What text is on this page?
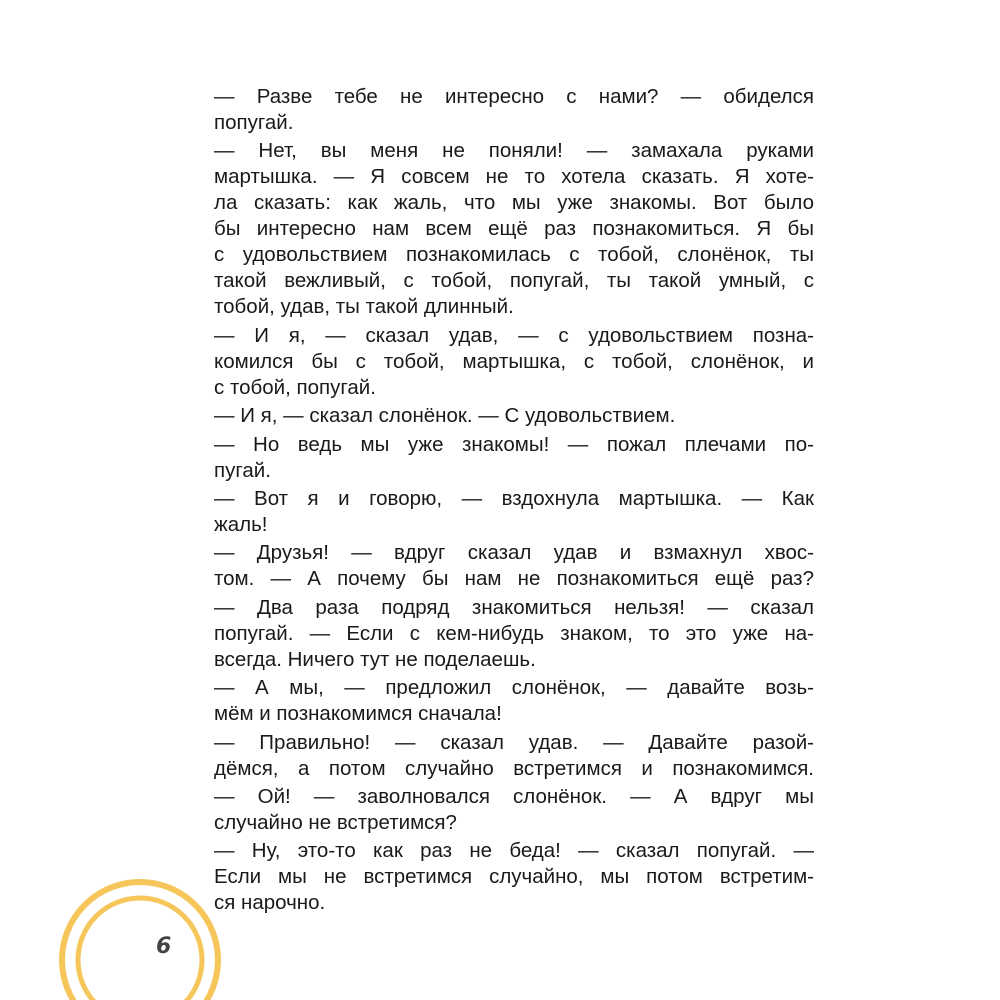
— Разве тебе не интересно с нами? — обиделся
попугай.
— Нет, вы меня не поняли! — замахала руками
мартышка. — Я совсем не то хотела сказать. Я хоте-
ла сказать: как жаль, что мы уже знакомы. Вот было
бы интересно нам всем ещё раз познакомиться. Я бы
с удовольствием познакомилась с тобой, слонёнок, ты
такой вежливый, с тобой, попугай, ты такой умный, с
тобой, удав, ты такой длинный.
— И я, — сказал удав, — с удовольствием позна-
комился бы с тобой, мартышка, с тобой, слонёнок, и
с тобой, попугай.
— И я, — сказал слонёнок. — С удовольствием.
— Но ведь мы уже знакомы! — пожал плечами по-
пугай.
— Вот я и говорю, — вздохнула мартышка. — Как
жаль!
— Друзья! — вдруг сказал удав и взмахнул хвос-
том. — А почему бы нам не познакомиться ещё раз?
— Два раза подряд знакомиться нельзя! — сказал
попугай. — Если с кем-нибудь знаком, то это уже на-
всегда. Ничего тут не поделаешь.
— А мы, — предложил слонёнок, — давайте возь-
мём и познакомимся сначала!
— Правильно! — сказал удав. — Давайте разой-
дёмся, а потом случайно встретимся и познакомимся.
— Ой! — заволновался слонёнок. — А вдруг мы
случайно не встретимся?
— Ну, это-то как раз не беда! — сказал попугай. —
Если мы не встретимся случайно, мы потом встретим-
ся нарочно.
6
